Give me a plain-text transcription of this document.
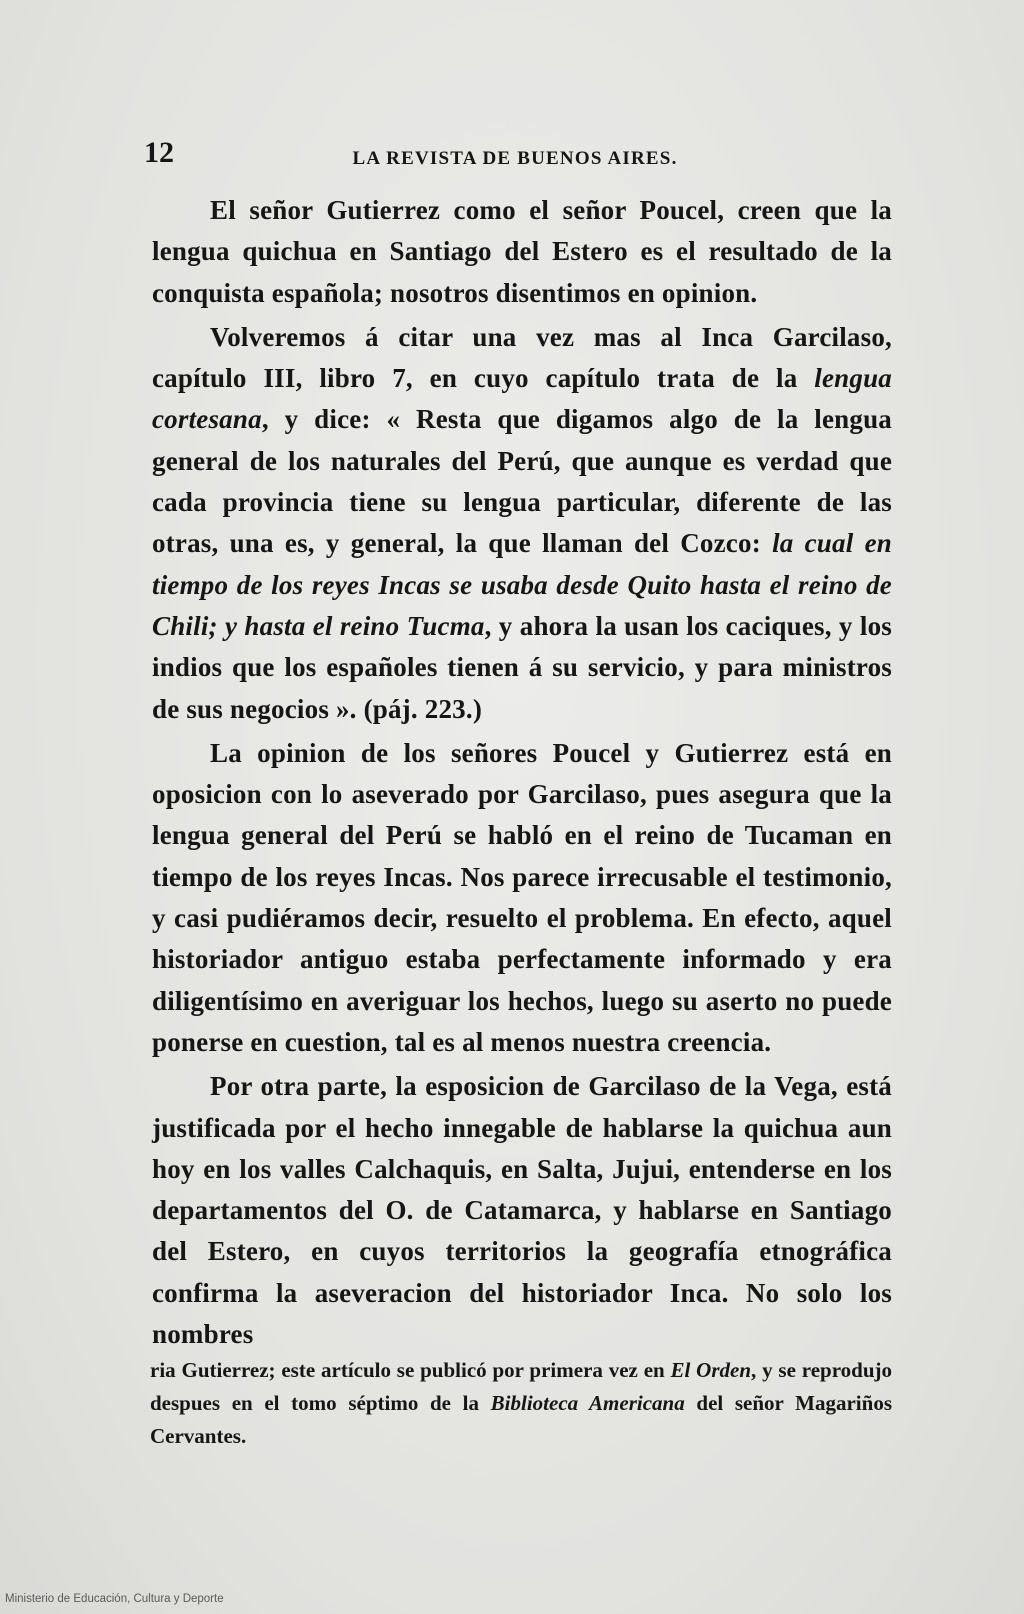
12	LA REVISTA DE BUENOS AIRES.

El señor Gutierrez como el señor Poucel, creen que la lengua quichua en Santiago del Estero es el resultado de la conquista española; nosotros disentimos en opinion.

Volveremos á citar una vez mas al Inca Garcilaso, capítulo III, libro 7, en cuyo capítulo trata de la lengua cortesana, y dice: « Resta que digamos algo de la lengua general de los naturales del Perú, que aunque es verdad que cada provincia tiene su lengua particular, diferente de las otras, una es, y general, la que llaman del Cozco: la cual en tiempo de los reyes Incas se usaba desde Quito hasta el reino de Chili; y hasta el reino Tucma, y ahora la usan los caciques, y los indios que los españoles tienen á su servicio, y para ministros de sus negocios ». (páj. 223.)

La opinion de los señores Poucel y Gutierrez está en oposicion con lo aseverado por Garcilaso, pues asegura que la lengua general del Perú se habló en el reino de Tucaman en tiempo de los reyes Incas. Nos parece irrecusable el testimonio, y casi pudiéramos decir, resuelto el problema. En efecto, aquel historiador antiguo estaba perfectamente informado y era diligentísimo en averiguar los hechos, luego su aserto no puede ponerse en cuestion, tal es al menos nuestra creencia.

Por otra parte, la esposicion de Garcilaso de la Vega, está justificada por el hecho innegable de hablarse la quichua aun hoy en los valles Calchaquis, en Salta, Jujui, entenderse en los departamentos del O. de Catamarca, y hablarse en Santiago del Estero, en cuyos territorios la geografía etnográfica confirma la aseveracion del historiador Inca. No solo los nombres

ria Gutierrez; este artículo se publicó por primera vez en El Orden, y se reprodujo despues en el tomo séptimo de la Biblioteca Americana del señor Magariños Cervantes.

Ministerio de Educación, Cultura y Deporte
